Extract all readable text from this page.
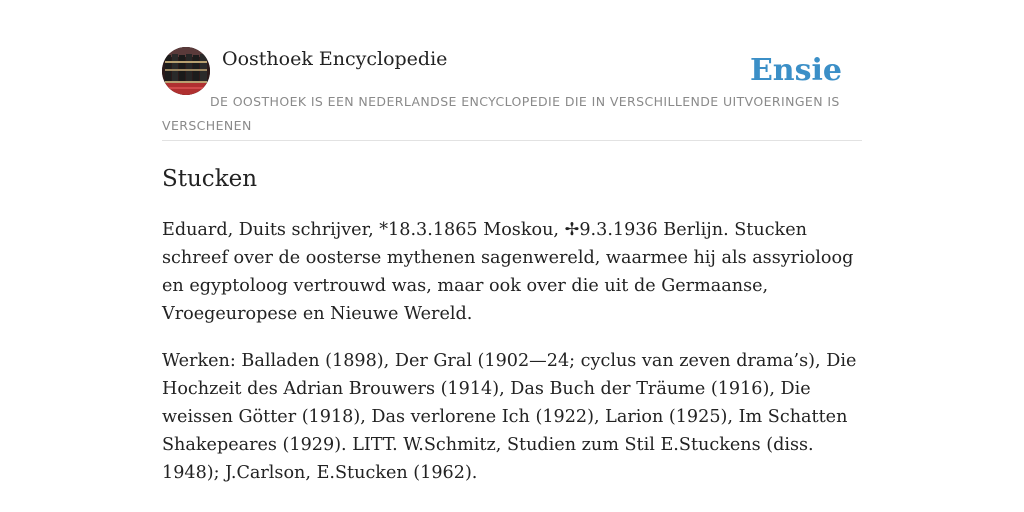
Oosthoek Encyclopedie	Ensie
DE OOSTHOEK IS EEN NEDERLANDSE ENCYCLOPEDIE DIE IN VERSCHILLENDE UITVOERINGEN IS VERSCHENEN
Stucken

Eduard, Duits schrijver, *18.3.1865 Moskou, ✢9.3.1936 Berlijn. Stucken schreef over de oosterse mythenen sagenwereld, waarmee hij als assyrioloog en egyptoloog vertrouwd was, maar ook over die uit de Germaanse, Vroegeuropese en Nieuwe Wereld.

Werken: Balladen (1898), Der Gral (1902—24; cyclus van zeven drama’s), Die Hochzeit des Adrian Brouwers (1914), Das Buch der Träume (1916), Die weissen Götter (1918), Das verlorene Ich (1922), Larion (1925), Im Schatten Shakepeares (1929). LITT. W.Schmitz, Studien zum Stil E.Stuckens (diss. 1948); J.Carlson, E.Stucken (1962).
